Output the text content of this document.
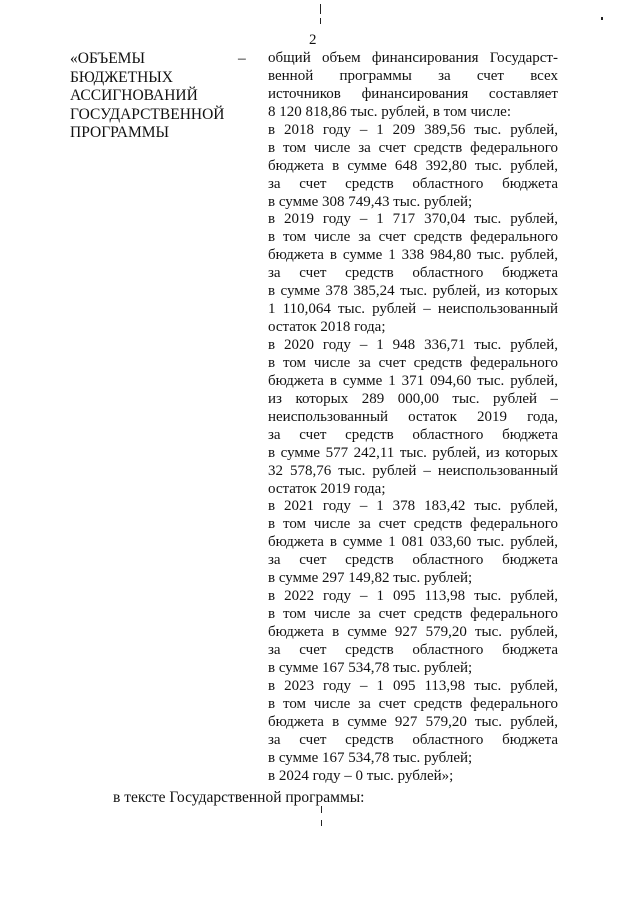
2
«ОБЪЕМЫ
БЮДЖЕТНЫХ
АССИГНОВАНИЙ
ГОСУДАРСТВЕННОЙ
ПРОГРАММЫ
– общий объем финансирования Государст-
венной программы за счет всех
источников финансирования составляет
8 120 818,86 тыс. рублей, в том числе:
в 2018 году – 1 209 389,56 тыс. рублей,
в том числе за счет средств федерального
бюджета в сумме 648 392,80 тыс. рублей,
за счет средств областного бюджета
в сумме 308 749,43 тыс. рублей;
в 2019 году – 1 717 370,04 тыс. рублей,
в том числе за счет средств федерального
бюджета в сумме 1 338 984,80 тыс. рублей,
за счет средств областного бюджета
в сумме 378 385,24 тыс. рублей, из которых
1 110,064 тыс. рублей – неиспользованный
остаток 2018 года;
в 2020 году – 1 948 336,71 тыс. рублей,
в том числе за счет средств федерального
бюджета в сумме 1 371 094,60 тыс. рублей,
из которых 289 000,00 тыс. рублей –
неиспользованный остаток 2019 года,
за счет средств областного бюджета
в сумме 577 242,11 тыс. рублей, из которых
32 578,76 тыс. рублей – неиспользованный
остаток 2019 года;
в 2021 году – 1 378 183,42 тыс. рублей,
в том числе за счет средств федерального
бюджета в сумме 1 081 033,60 тыс. рублей,
за счет средств областного бюджета
в сумме 297 149,82 тыс. рублей;
в 2022 году – 1 095 113,98 тыс. рублей,
в том числе за счет средств федерального
бюджета в сумме 927 579,20 тыс. рублей,
за счет средств областного бюджета
в сумме 167 534,78 тыс. рублей;
в 2023 году – 1 095 113,98 тыс. рублей,
в том числе за счет средств федерального
бюджета в сумме 927 579,20 тыс. рублей,
за счет средств областного бюджета
в сумме 167 534,78 тыс. рублей;
в 2024 году – 0 тыс. рублей»;
в тексте Государственной программы:
